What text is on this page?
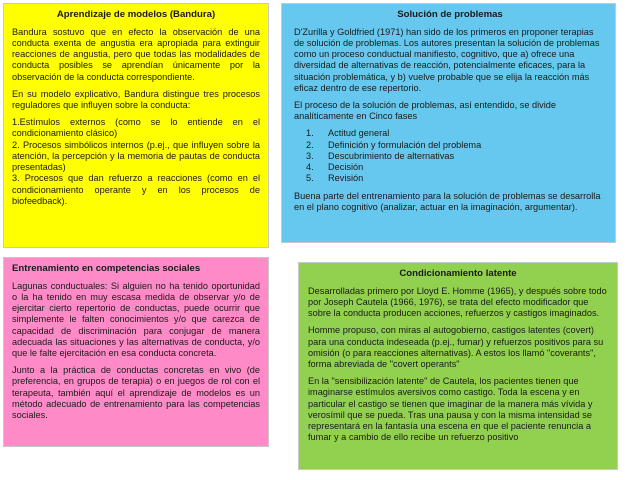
Aprendizaje de modelos (Bandura)

Bandura sostuvo que en efecto la observación de una conducta exenta de angustia era apropiada para extinguir reacciones de angustia, pero que todas las modalidades de conducta posibles se aprendían únicamente por la observación de la conducta correspondiente.

En su modelo explicativo, Bandura distingue tres procesos reguladores que influyen sobre la conducta:

1.Estímulos externos (como se lo entiende en el condicionamiento clásico)

2. Procesos simbólicos internos (p.ej., que influyen sobre la atención, la percepción y la memoria de pautas de conducta presentadas)

3. Procesos que dan refuerzo a reacciones (como en el condicionamiento operante y en los procesos de biofeedback).

Solución de problemas

D'Zurilla y Goldfried (1971) han sido de los primeros en proponer terapias de solución de problemas. Los autores presentan la solución de problemas como un proceso conductual manifiesto, cognitivo, que a) ofrece una diversidad de alternativas de reacción, potencialmente eficaces, para la situación problemática, y b) vuelve probable que se elija la reacción más eficaz dentro de ese repertorio.

El proceso de la solución de problemas, así entendido, se divide analíticamente en Cinco fases

1. Actitud general
2. Definición y formulación del problema
3. Descubrimiento de alternativas
4. Decisión
5. Revisión

Buena parte del entrenamiento para la solución de problemas se desarrolla en el plano cognitivo (analizar, actuar en la imaginación, argumentar).

Entrenamiento en competencias sociales

Lagunas conductuales: Si alguien no ha tenido oportunidad o la ha tenido en muy escasa medida de observar y/o de ejercitar cierto repertorio de conductas, puede ocurrir que simplemente le falten conocimientos y/o que carezca de capacidad de discriminación para conjugar de manera adecuada las situaciones y las alternativas de conducta, y/o que le falte ejercitación en esa conducta concreta.

Junto a la práctica de conductas concretas en vivo (de preferencia, en grupos de terapia) o en juegos de rol con el terapeuta, también aquí el aprendizaje de modelos es un método adecuado de entrenamiento para las competencias sociales.

Condicionamiento latente

Desarrolladas primero por Lloyd E. Homme (1965), y después sobre todo por Joseph Cautela (1966, 1976), se trata del efecto modificador que sobre la conducta producen acciones, refuerzos y castigos imaginados.

Homme propuso, con miras al autogobierno, castigos latentes (covert) para una conducta indeseada (p.ej., fumar) y refuerzos positivos para su omisión (o para reacciones alternativas). A estos los llamó "coverants", forma abreviada de "covert operants"

En la "sensibilización latente" de Cautela, los pacientes tienen que imaginarse estímulos aversivos como castigo. Toda la escena y en particular el castigo se tienen que imaginar de la manera más vívida y verosímil que se pueda. Tras una pausa y con la misma intensidad se representará en la fantasía una escena en que el paciente renuncia a fumar y a cambio de ello recibe un refuerzo positivo
